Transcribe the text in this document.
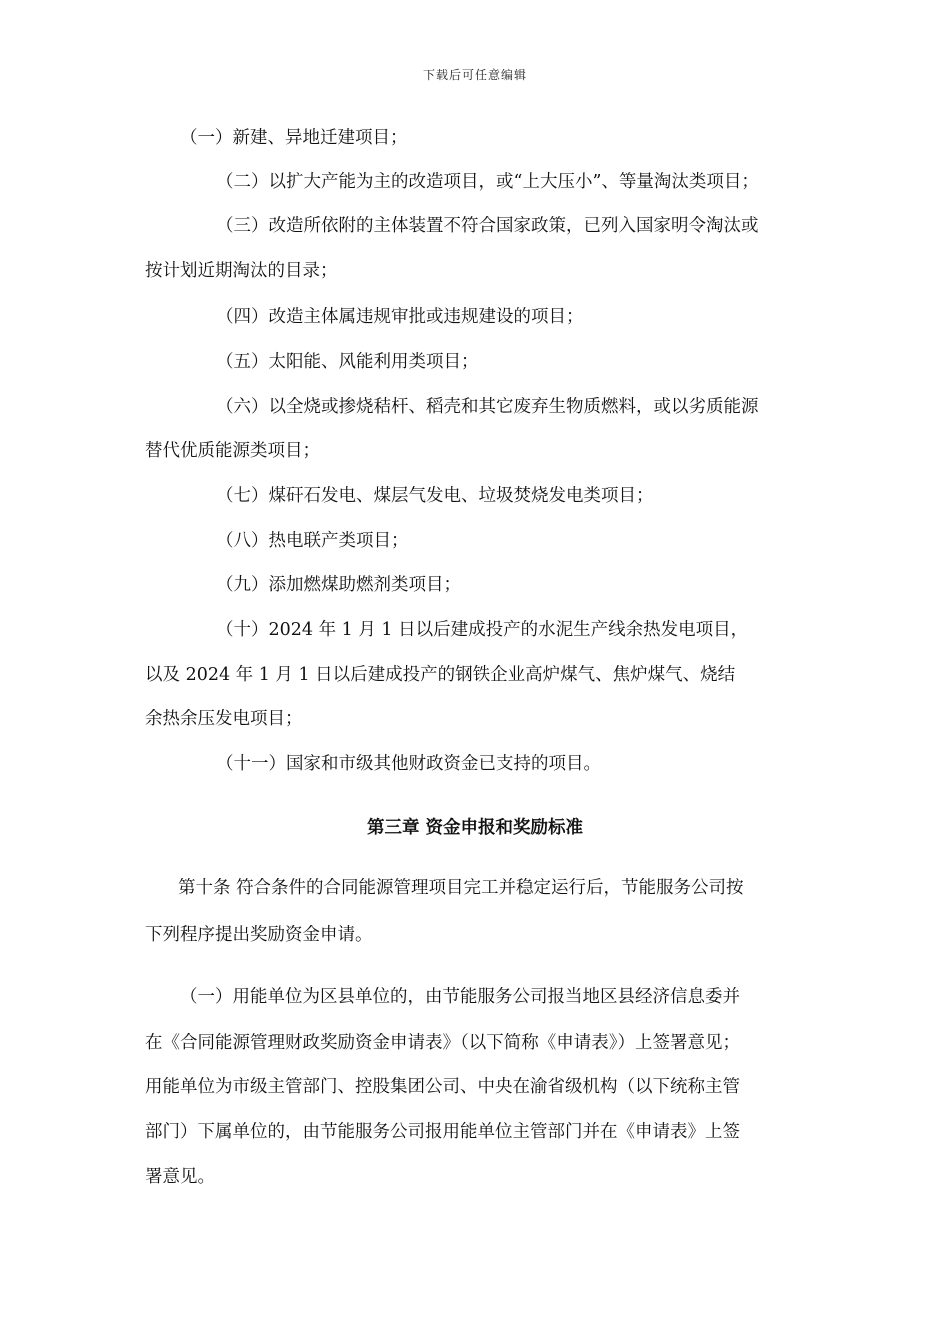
下载后可任意编辑
（一）新建、异地迁建项目；
（二）以扩大产能为主的改造项目，或“上大压小”、等量淘汰类项目；
（三）改造所依附的主体装置不符合国家政策，已列入国家明令淘汰或
按计划近期淘汰的目录；
（四）改造主体属违规审批或违规建设的项目；
（五）太阳能、风能利用类项目；
（六）以全烧或掺烧秸杆、稻壳和其它废弃生物质燃料，或以劣质能源
替代优质能源类项目；
（七）煤矸石发电、煤层气发电、垃圾焚烧发电类项目；
（八）热电联产类项目；
（九）添加燃煤助燃剂类项目；
（十）2024 年 1 月 1 日以后建成投产的水泥生产线余热发电项目，
以及 2024 年 1 月 1 日以后建成投产的钢铁企业高炉煤气、焦炉煤气、烧结
余热余压发电项目；
（十一）国家和市级其他财政资金已支持的项目。
第三章 资金申报和奖励标准
第十条 符合条件的合同能源管理项目完工并稳定运行后，节能服务公司按
下列程序提出奖励资金申请。
（一）用能单位为区县单位的，由节能服务公司报当地区县经济信息委并
在《合同能源管理财政奖励资金申请表》（以下简称《申请表》）上签署意见；
用能单位为市级主管部门、控股集团公司、中央在渝省级机构（以下统称主管
部门）下属单位的，由节能服务公司报用能单位主管部门并在《申请表》上签
署意见。
